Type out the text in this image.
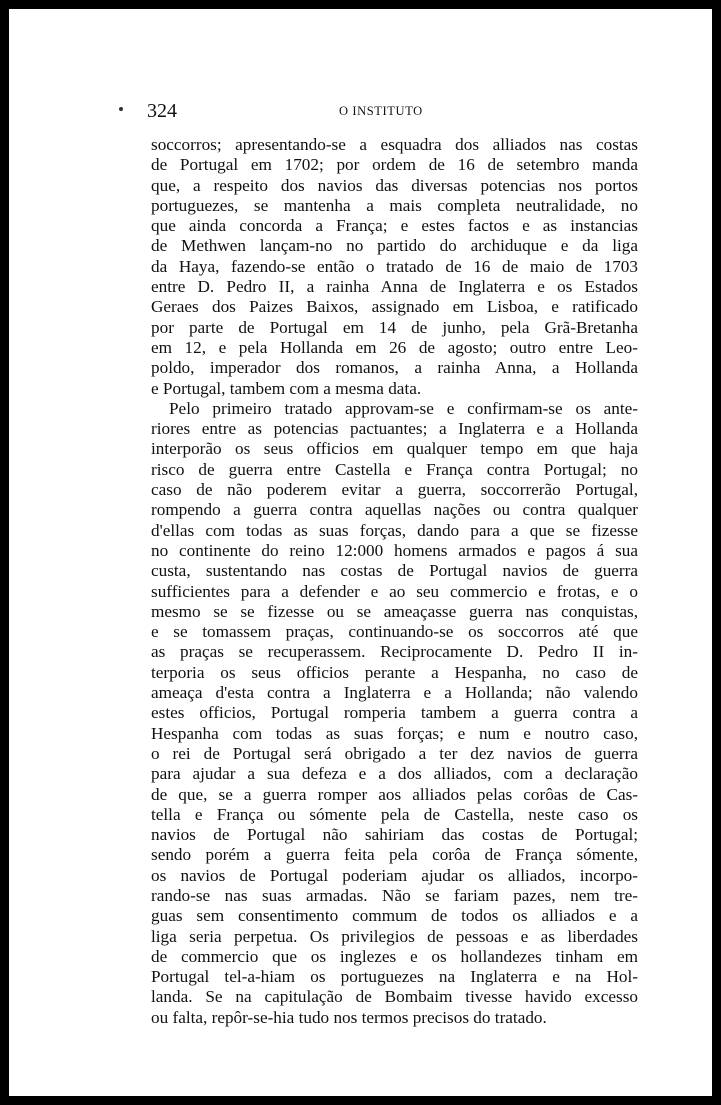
324	O INSTITUTO
soccorros; apresentando-se a esquadra dos alliados nas costas
de Portugal em 1702; por ordem de 16 de setembro manda
que, a respeito dos navios das diversas potencias nos portos
portuguezes, se mantenha a mais completa neutralidade, no
que ainda concorda a França; e estes factos e as instancias
de Methwen lançam-no no partido do archiduque e da liga
da Haya, fazendo-se então o tratado de 16 de maio de 1703
entre D. Pedro II, a rainha Anna de Inglaterra e os Estados
Geraes dos Paizes Baixos, assignado em Lisboa, e ratificado
por parte de Portugal em 14 de junho, pela Grã-Bretanha
em 12, e pela Hollanda em 26 de agosto; outro entre Leo-
poldo, imperador dos romanos, a rainha Anna, a Hollanda
e Portugal, tambem com a mesma data.
Pelo primeiro tratado approvam-se e confirmam-se os ante-
riores entre as potencias pactuantes; a Inglaterra e a Hollanda
interporão os seus officios em qualquer tempo em que haja
risco de guerra entre Castella e França contra Portugal; no
caso de não poderem evitar a guerra, soccorrerão Portugal,
rompendo a guerra contra aquellas nações ou contra qualquer
d'ellas com todas as suas forças, dando para a que se fizesse
no continente do reino 12:000 homens armados e pagos á sua
custa, sustentando nas costas de Portugal navios de guerra
sufficientes para a defender e ao seu commercio e frotas, e o
mesmo se se fizesse ou se ameaçasse guerra nas conquistas,
e se tomassem praças, continuando-se os soccorros até que
as praças se recuperassem. Reciprocamente D. Pedro II in-
terporia os seus officios perante a Hespanha, no caso de
ameaça d'esta contra a Inglaterra e a Hollanda; não valendo
estes officios, Portugal romperia tambem a guerra contra a
Hespanha com todas as suas forças; e num e noutro caso,
o rei de Portugal será obrigado a ter dez navios de guerra
para ajudar a sua defeza e a dos alliados, com a declaração
de que, se a guerra romper aos alliados pelas corôas de Cas-
tella e França ou sómente pela de Castella, neste caso os
navios de Portugal não sahiriam das costas de Portugal;
sendo porém a guerra feita pela corôa de França sómente,
os navios de Portugal poderiam ajudar os alliados, incorpo-
rando-se nas suas armadas. Não se fariam pazes, nem tre-
guas sem consentimento commum de todos os alliados e a
liga seria perpetua. Os privilegios de pessoas e as liberdades
de commercio que os inglezes e os hollandezes tinham em
Portugal tel-a-hiam os portuguezes na Inglaterra e na Hol-
landa. Se na capitulação de Bombaim tivesse havido excesso
ou falta, repôr-se-hia tudo nos termos precisos do tratado.
